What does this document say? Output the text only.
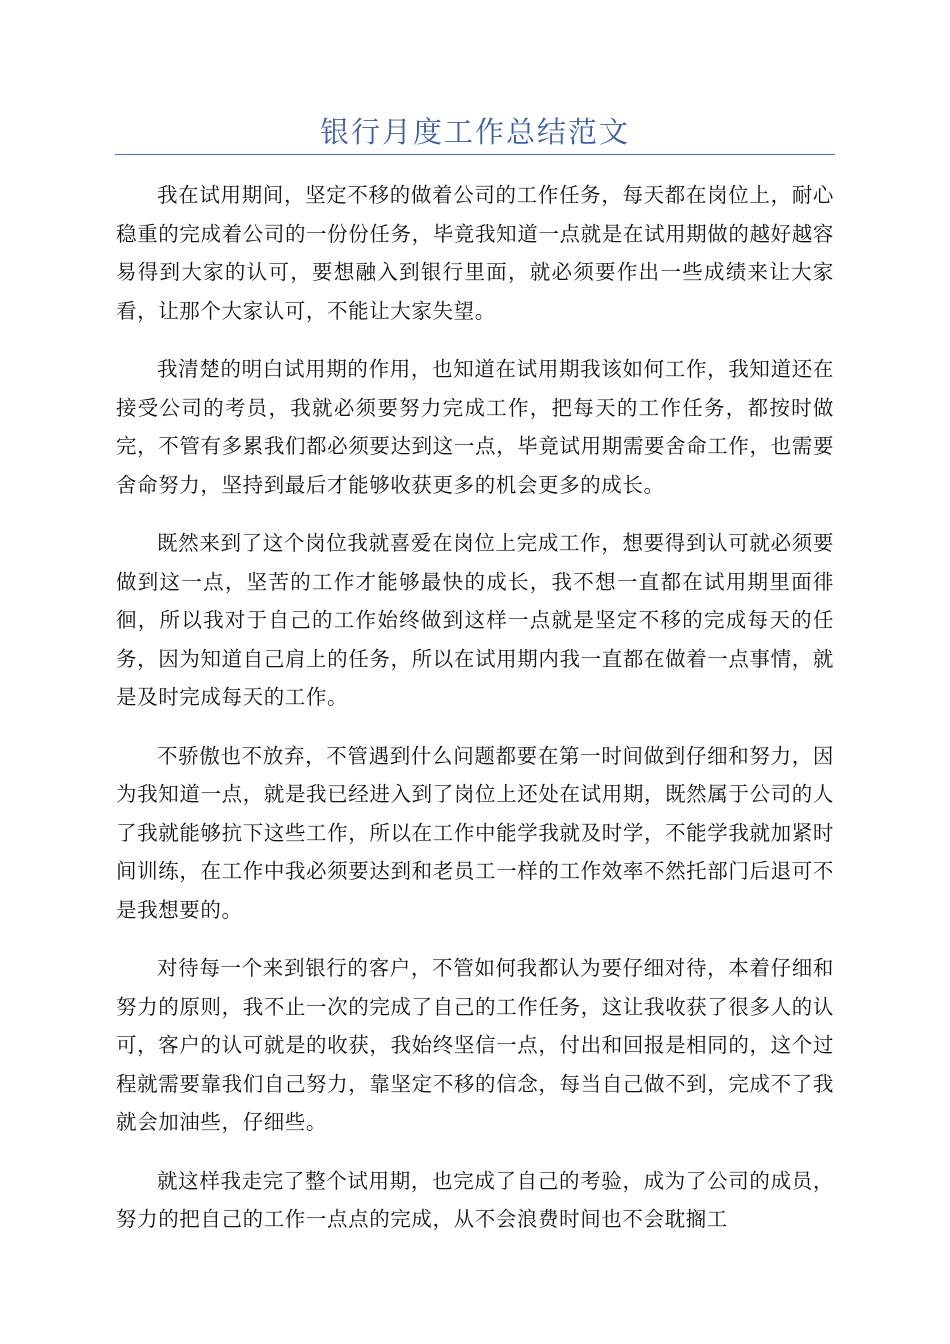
银行月度工作总结范文

我在试用期间，坚定不移的做着公司的工作任务，每天都在岗位上，耐心稳重的完成着公司的一份份任务，毕竟我知道一点就是在试用期做的越好越容易得到大家的认可，要想融入到银行里面，就必须要作出一些成绩来让大家看，让那个大家认可，不能让大家失望。

我清楚的明白试用期的作用，也知道在试用期我该如何工作，我知道还在接受公司的考员，我就必须要努力完成工作，把每天的工作任务，都按时做完，不管有多累我们都必须要达到这一点，毕竟试用期需要舍命工作，也需要舍命努力，坚持到最后才能够收获更多的机会更多的成长。

既然来到了这个岗位我就喜爱在岗位上完成工作，想要得到认可就必须要做到这一点，坚苦的工作才能够最快的成长，我不想一直都在试用期里面徘徊，所以我对于自己的工作始终做到这样一点就是坚定不移的完成每天的任务，因为知道自己肩上的任务，所以在试用期内我一直都在做着一点事情，就是及时完成每天的工作。

不骄傲也不放弃，不管遇到什么问题都要在第一时间做到仔细和努力，因为我知道一点，就是我已经进入到了岗位上还处在试用期，既然属于公司的人了我就能够抗下这些工作，所以在工作中能学我就及时学，不能学我就加紧时间训练，在工作中我必须要达到和老员工一样的工作效率不然托部门后退可不是我想要的。

对待每一个来到银行的客户，不管如何我都认为要仔细对待，本着仔细和努力的原则，我不止一次的完成了自己的工作任务，这让我收获了很多人的认可，客户的认可就是的收获，我始终坚信一点，付出和回报是相同的，这个过程就需要靠我们自己努力，靠坚定不移的信念，每当自己做不到，完成不了我就会加油些，仔细些。

就这样我走完了整个试用期，也完成了自己的考验，成为了公司的成员，努力的把自己的工作一点点的完成，从不会浪费时间也不会耽搁工
